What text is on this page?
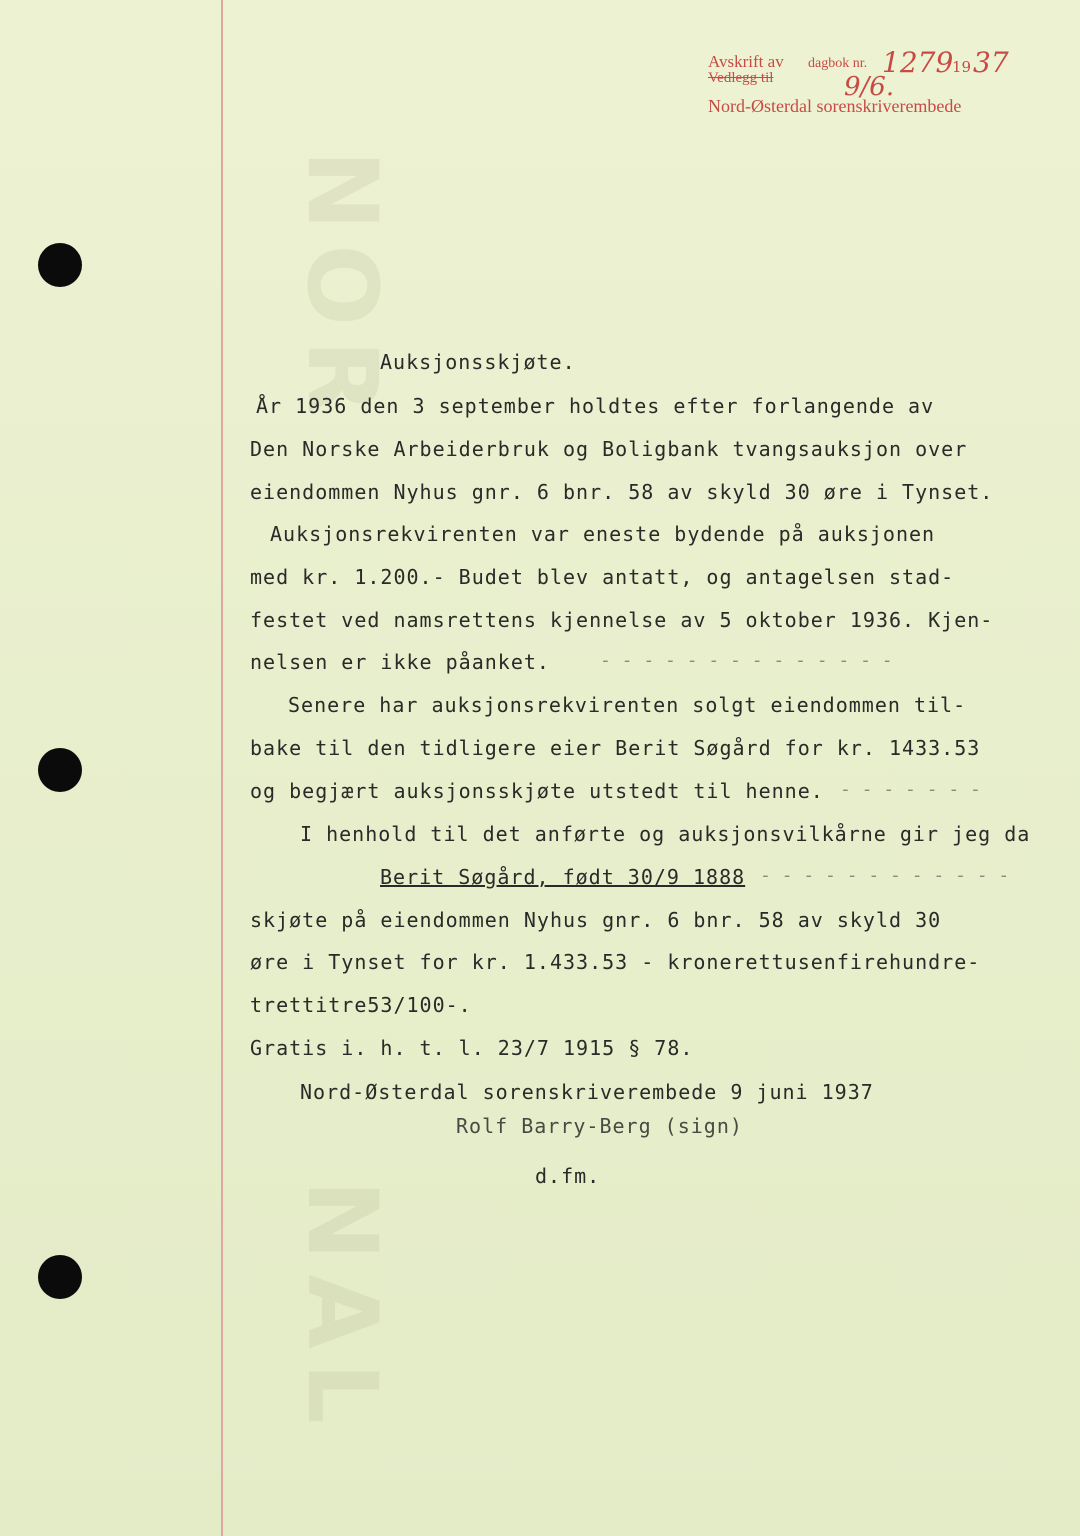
NOR
NAL
Avskrift av dagbok nr.
Vedlegg til
Nord-Østerdal sorenskriverembede
1279
19 37
9/6.
Auksjonsskjøte.
År 1936 den 3 september holdtes efter forlangende av
Den Norske Arbeiderbruk og Boligbank tvangsauksjon over
eiendommen Nyhus gnr. 6 bnr. 58 av skyld 30 øre i Tynset.
Auksjonsrekvirenten var eneste bydende på auksjonen
med kr. 1.200.- Budet blev antatt, og antagelsen stad-
festet ved namsrettens kjennelse av 5 oktober 1936. Kjen-
nelsen er ikke påanket.	- - - - - - - - - - - - - -
Senere har auksjonsrekvirenten solgt eiendommen til-
bake til den tidligere eier Berit Søgård for kr. 1433.53
og begjært auksjonsskjøte utstedt til henne. - - - - - - -
I henhold til det anførte og auksjonsvilkårne gir jeg da
Berit Søgård, født 30/9 1888 - - - - - - - - - - - -
skjøte på eiendommen Nyhus gnr. 6 bnr. 58 av skyld 30
øre i Tynset for kr. 1.433.53 - kronerettusenfirehundre-
trettitre53/100-.
Gratis i. h. t. l. 23/7 1915 § 78.
Nord-Østerdal sorenskriverembede 9 juni 1937
Rolf Barry-Berg (sign)
d.fm.
